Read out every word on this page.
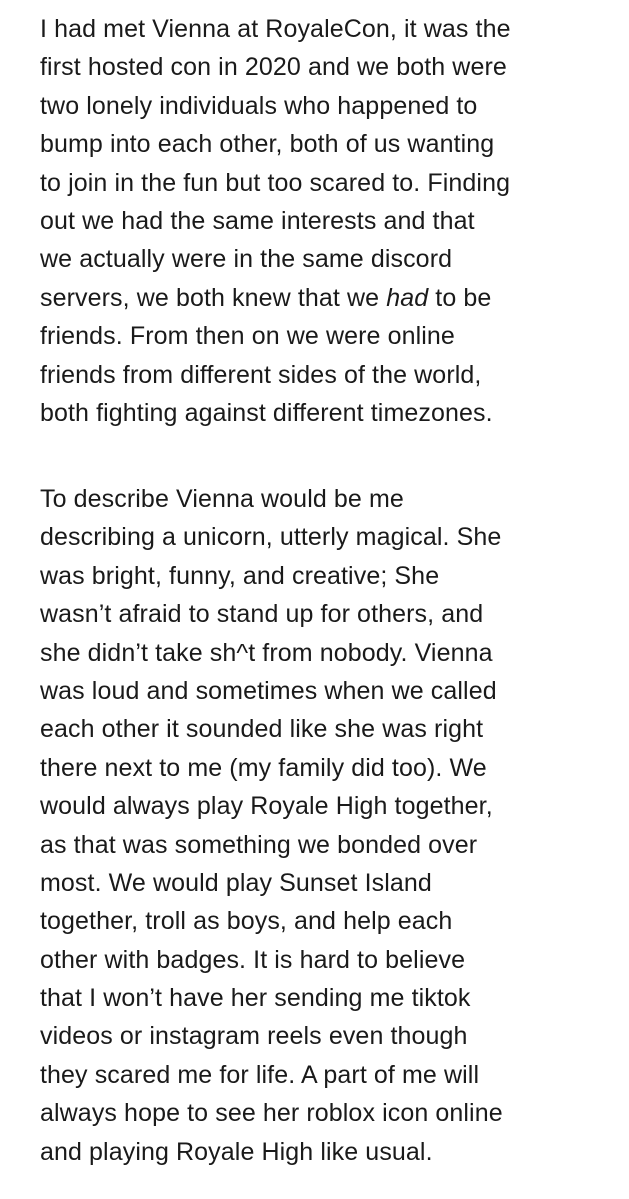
I had met Vienna at RoyaleCon, it was the
first hosted con in 2020 and we both were
two lonely individuals who happened to
bump into each other, both of us wanting
to join in the fun but too scared to. Finding
out we had the same interests and that
we actually were in the same discord
servers, we both knew that we had to be
friends. From then on we were online
friends from different sides of the world,
both fighting against different timezones.
To describe Vienna would be me
describing a unicorn, utterly magical. She
was bright, funny, and creative; She
wasn’t afraid to stand up for others, and
she didn’t take sh^t from nobody. Vienna
was loud and sometimes when we called
each other it sounded like she was right
there next to me (my family did too). We
would always play Royale High together,
as that was something we bonded over
most. We would play Sunset Island
together, troll as boys, and help each
other with badges. It is hard to believe
that I won’t have her sending me tiktok
videos or instagram reels even though
they scared me for life. A part of me will
always hope to see her roblox icon online
and playing Royale High like usual.
